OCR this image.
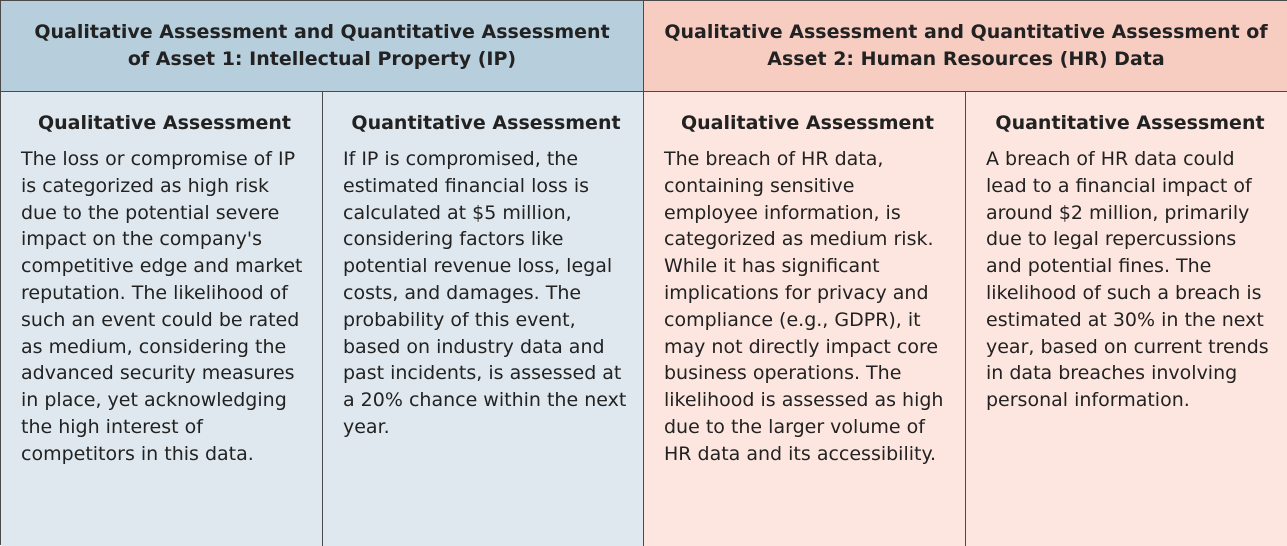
Qualitative Assessment and Quantitative Assessment of Asset 1: Intellectual Property (IP)
Qualitative Assessment and Quantitative Assessment of Asset 2: Human Resources (HR) Data

Qualitative Assessment

The loss or compromise of IP is categorized as high risk due to the potential severe impact on the company's competitive edge and market reputation. The likelihood of such an event could be rated as medium, considering the advanced security measures in place, yet acknowledging the high interest of competitors in this data.

Quantitative Assessment

If IP is compromised, the estimated financial loss is calculated at $5 million, considering factors like potential revenue loss, legal costs, and damages. The probability of this event, based on industry data and past incidents, is assessed at a 20% chance within the next year.

Qualitative Assessment

The breach of HR data, containing sensitive employee information, is categorized as medium risk. While it has significant implications for privacy and compliance (e.g., GDPR), it may not directly impact core business operations. The likelihood is assessed as high due to the larger volume of HR data and its accessibility.

Quantitative Assessment

A breach of HR data could lead to a financial impact of around $2 million, primarily due to legal repercussions and potential fines. The likelihood of such a breach is estimated at 30% in the next year, based on current trends in data breaches involving personal information.
